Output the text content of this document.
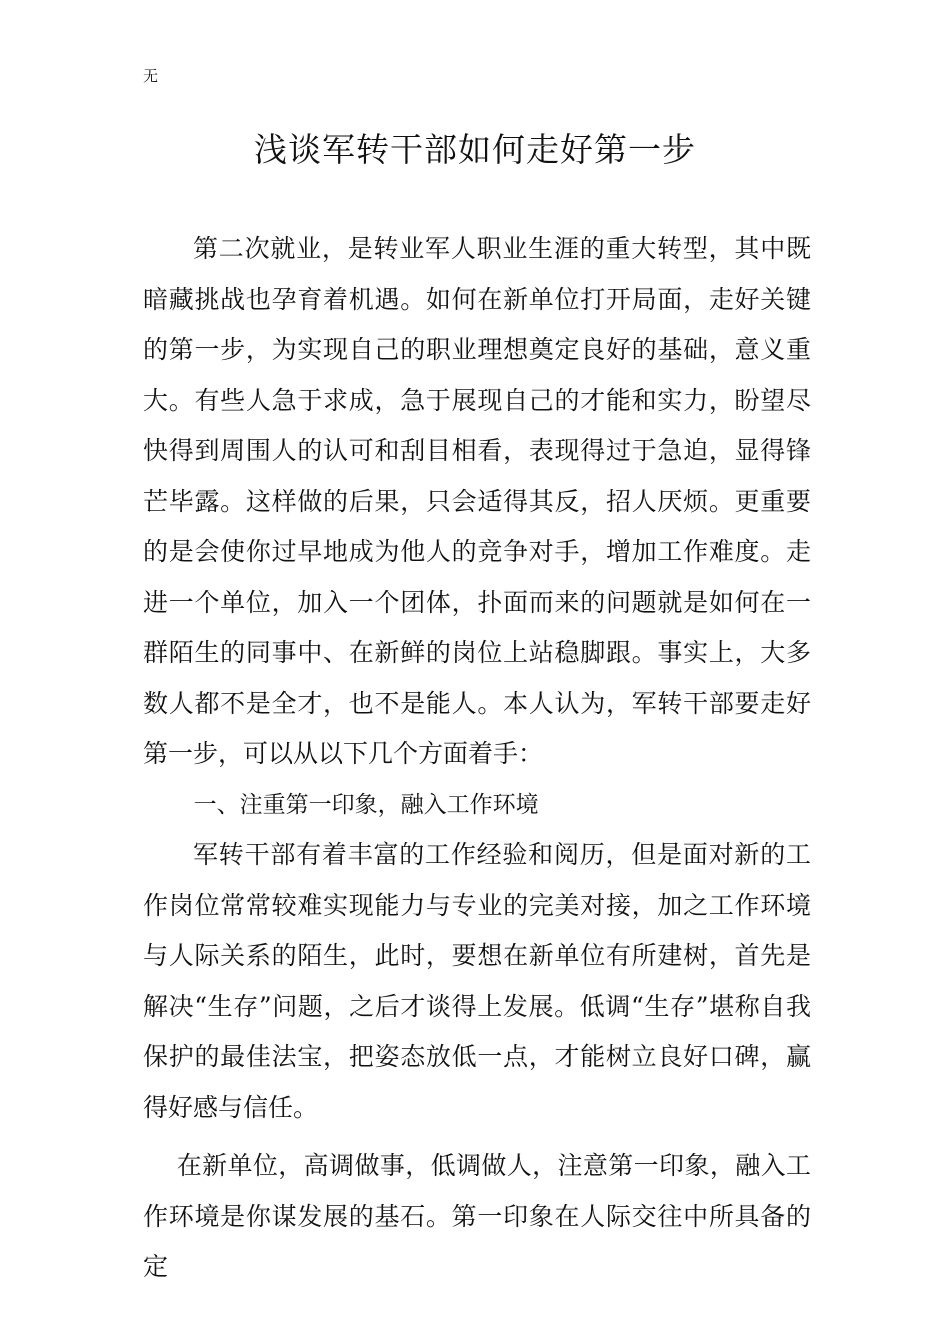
无
浅谈军转干部如何走好第一步

第二次就业，是转业军人职业生涯的重大转型，其中既暗藏挑战也孕育着机遇。如何在新单位打开局面，走好关键的第一步，为实现自己的职业理想奠定良好的基础，意义重大。有些人急于求成，急于展现自己的才能和实力，盼望尽快得到周围人的认可和刮目相看，表现得过于急迫，显得锋芒毕露。这样做的后果，只会适得其反，招人厌烦。更重要的是会使你过早地成为他人的竞争对手，增加工作难度。走进一个单位，加入一个团体，扑面而来的问题就是如何在一群陌生的同事中、在新鲜的岗位上站稳脚跟。事实上，大多数人都不是全才，也不是能人。本人认为，军转干部要走好第一步，可以从以下几个方面着手：

一、注重第一印象，融入工作环境

军转干部有着丰富的工作经验和阅历，但是面对新的工作岗位常常较难实现能力与专业的完美对接，加之工作环境与人际关系的陌生，此时，要想在新单位有所建树，首先是解决“生存”问题，之后才谈得上发展。低调“生存”堪称自我保护的最佳法宝，把姿态放低一点，才能树立良好口碑，赢得好感与信任。

在新单位，高调做事，低调做人，注意第一印象，融入工作环境是你谋发展的基石。第一印象在人际交往中所具备的定
